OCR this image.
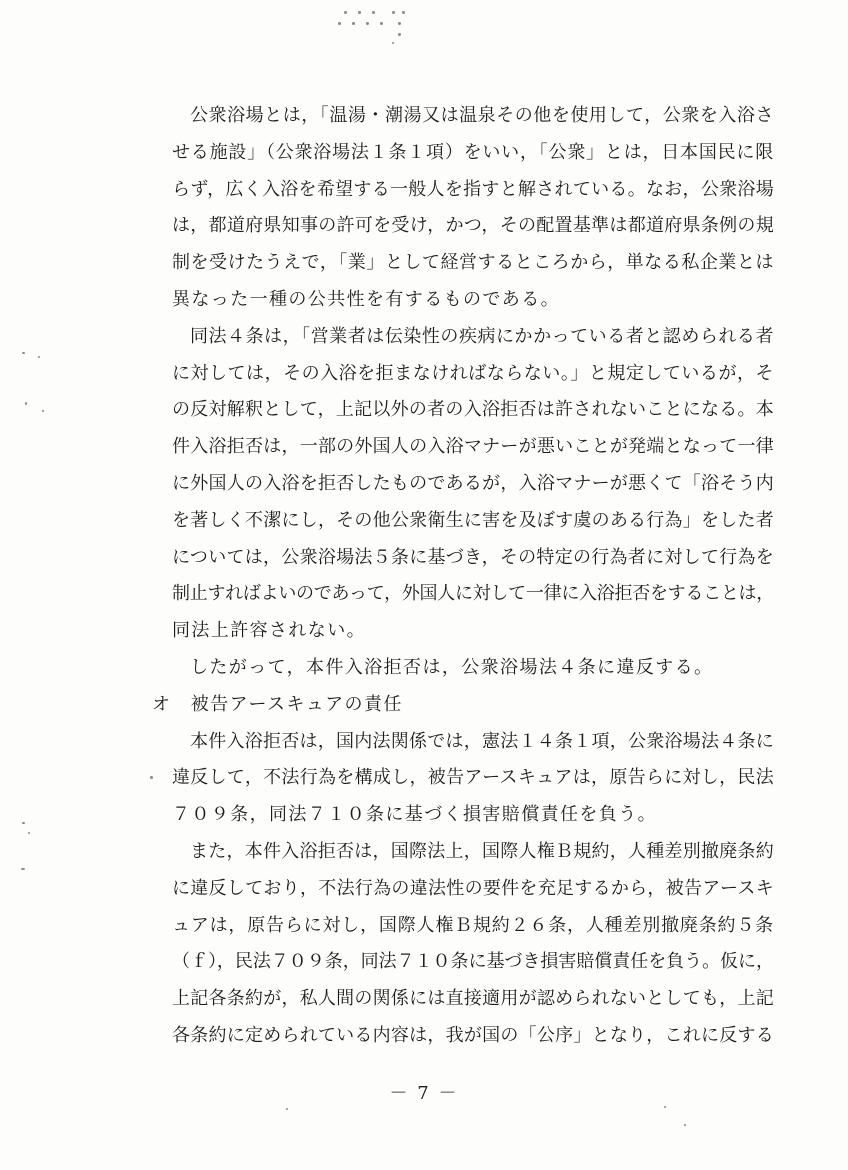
公衆浴場とは，「温湯・潮湯又は温泉その他を使用して，公衆を入浴さ
せる施設」（公衆浴場法１条１項）をいい，「公衆」とは，日本国民に限
らず，広く入浴を希望する一般人を指すと解されている。なお，公衆浴場
は，都道府県知事の許可を受け，かつ，その配置基準は都道府県条例の規
制を受けたうえで，「業」として経営するところから，単なる私企業とは
異なった一種の公共性を有するものである。
同法４条は，「営業者は伝染性の疾病にかかっている者と認められる者
に対しては，その入浴を拒まなければならない。」と規定しているが，そ
の反対解釈として，上記以外の者の入浴拒否は許されないことになる。本
件入浴拒否は，一部の外国人の入浴マナーが悪いことが発端となって一律
に外国人の入浴を拒否したものであるが，入浴マナーが悪くて「浴そう内
を著しく不潔にし，その他公衆衛生に害を及ぼす虞のある行為」をした者
については，公衆浴場法５条に基づき，その特定の行為者に対して行為を
制止すればよいのであって，外国人に対して一律に入浴拒否をすることは，
同法上許容されない。
したがって，本件入浴拒否は，公衆浴場法４条に違反する。
オ　被告アースキュアの責任
本件入浴拒否は，国内法関係では，憲法１４条１項，公衆浴場法４条に
違反して，不法行為を構成し，被告アースキュアは，原告らに対し，民法
７０９条，同法７１０条に基づく損害賠償責任を負う。
また，本件入浴拒否は，国際法上，国際人権Ｂ規約，人種差別撤廃条約
に違反しており，不法行為の違法性の要件を充足するから，被告アースキ
ュアは，原告らに対し，国際人権Ｂ規約２６条，人種差別撤廃条約５条
（ｆ），民法７０９条，同法７１０条に基づき損害賠償責任を負う。仮に，
上記各条約が，私人間の関係には直接適用が認められないとしても，上記
各条約に定められている内容は，我が国の「公序」となり，これに反する
－ 7 －
